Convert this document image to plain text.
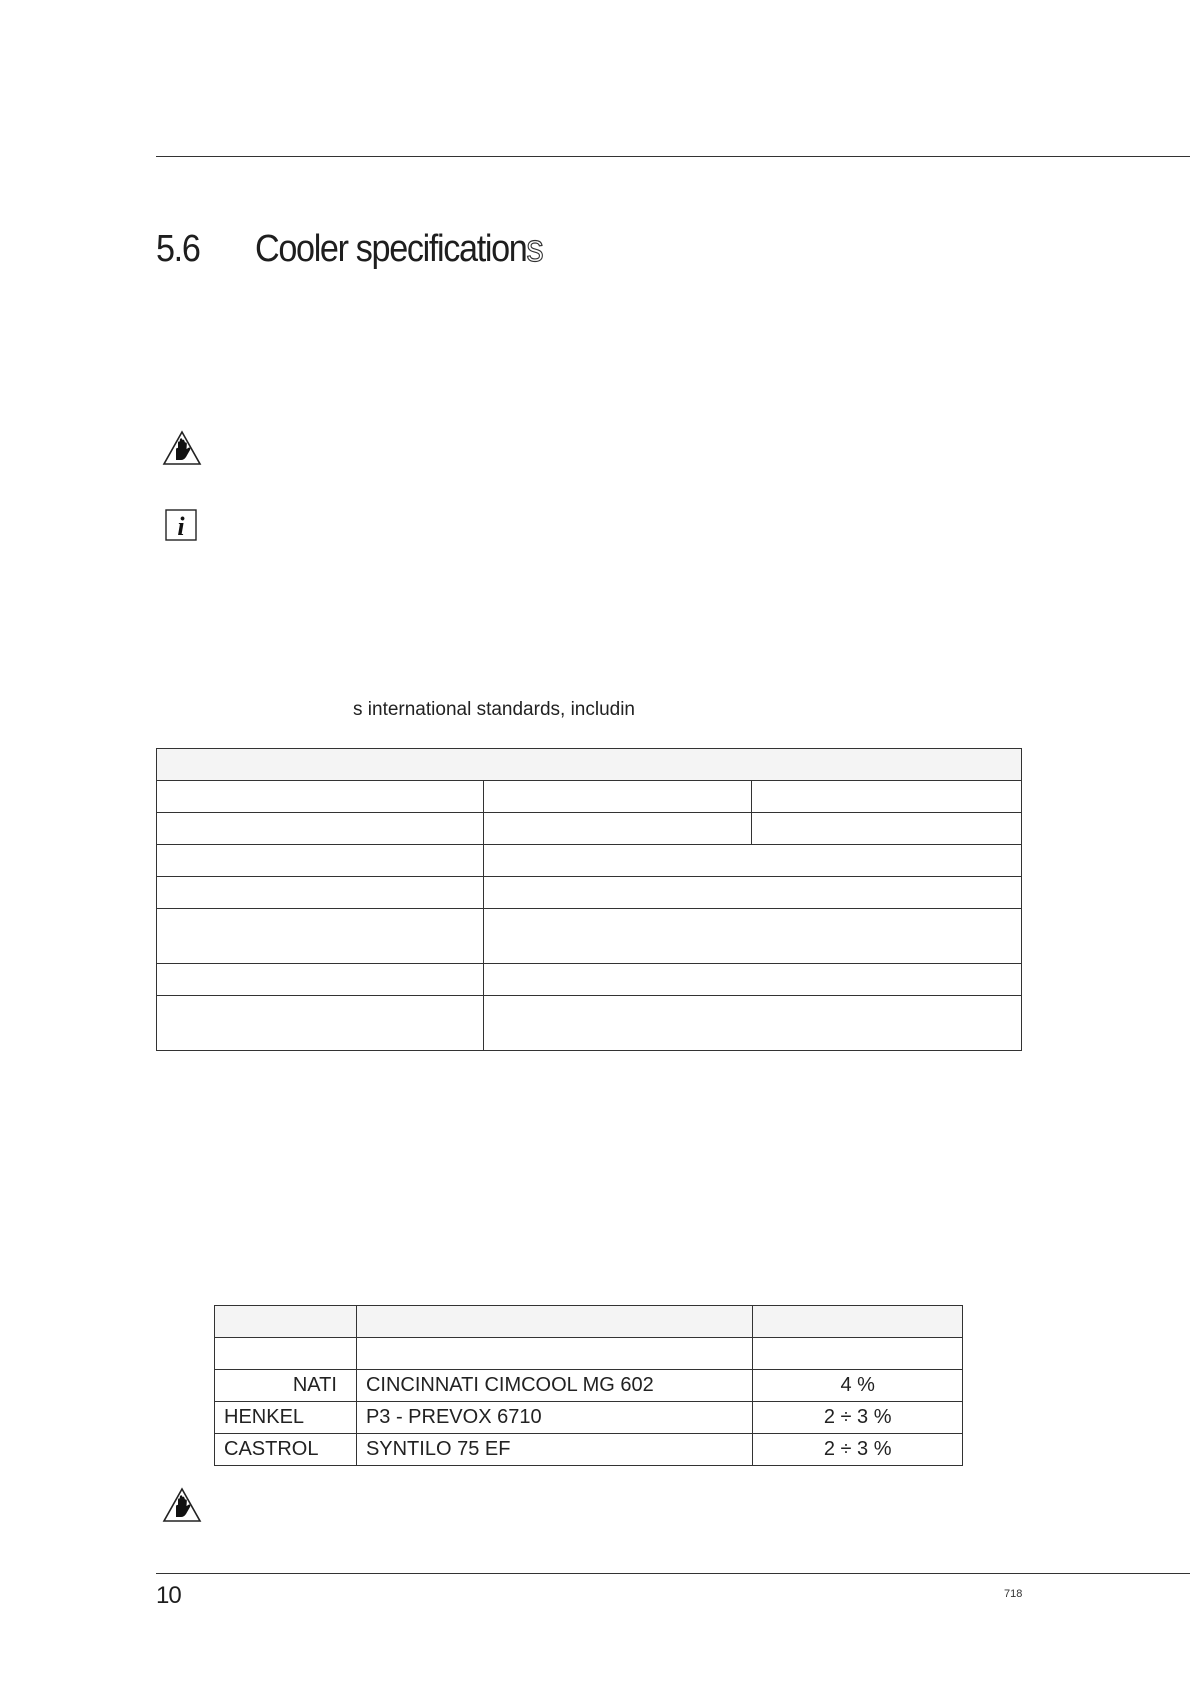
5.6 Cooler specifications
i
s international standards, includin

NATI	CINCINNATI CIMCOOL MG 602	4 %
HENKEL	P3 - PREVOX 6710	2 ÷ 3 %
CASTROL	SYNTILO 75 EF	2 ÷ 3 %
10	718
